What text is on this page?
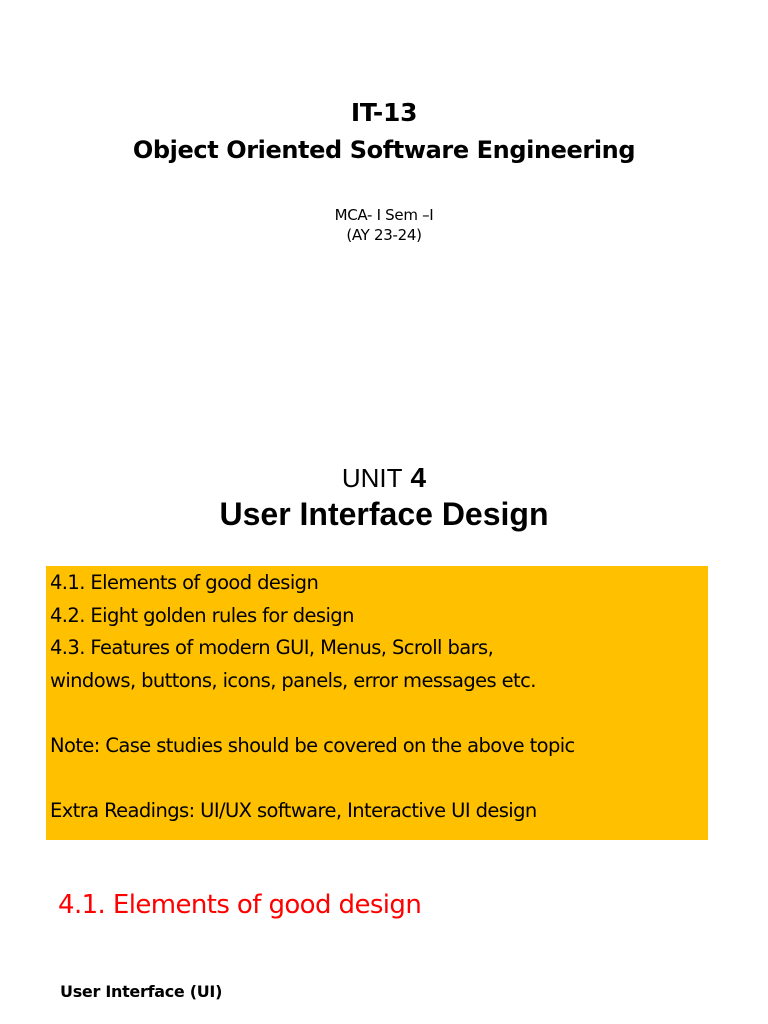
IT-13
Object Oriented Software Engineering
MCA- I Sem –I
(AY 23-24)
UNIT 4
User Interface Design
4.1. Elements of good design
4.2. Eight golden rules for design
4.3. Features of modern GUI, Menus, Scroll bars,
windows, buttons, icons, panels, error messages etc.
Note: Case studies should be covered on the above topic
Extra Readings: UI/UX software, Interactive UI design
4.1. Elements of good design
User Interface (UI)
